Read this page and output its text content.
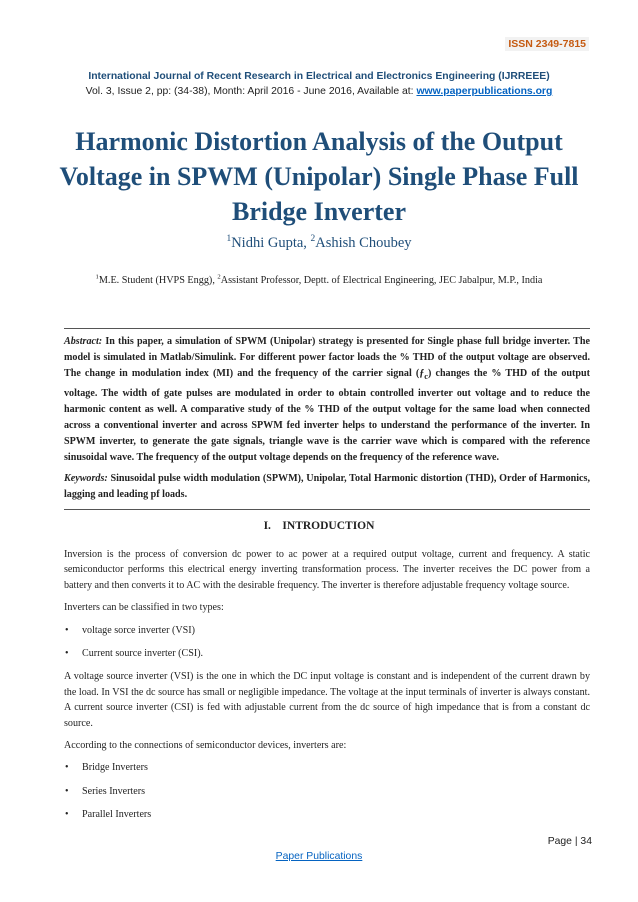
ISSN 2349-7815
International Journal of Recent Research in Electrical and Electronics Engineering (IJRREEE)
Vol. 3, Issue 2, pp: (34-38), Month: April 2016 - June 2016, Available at: www.paperpublications.org
Harmonic Distortion Analysis of the Output Voltage in SPWM (Unipolar) Single Phase Full Bridge Inverter
$^1$Nidhi Gupta, $^2$Ashish Choubey
$^1$M.E. Student (HVPS Engg), $^2$Assistant Professor, Deptt. of Electrical Engineering, JEC Jabalpur, M.P., India

Abstract: In this paper, a simulation of SPWM (Unipolar) strategy is presented for Single phase full bridge inverter. The model is simulated in Matlab/Simulink. For different power factor loads the % THD of the output voltage are observed. The change in modulation index (MI) and the frequency of the carrier signal $(ƒ_c)$ changes the % THD of the output voltage. The width of gate pulses are modulated in order to obtain controlled inverter out voltage and to reduce the harmonic content as well. A comparative study of the % THD of the output voltage for the same load when connected across a conventional inverter and across SPWM fed inverter helps to understand the performance of the inverter. In SPWM inverter, to generate the gate signals, triangle wave is the carrier wave which is compared with the reference sinusoidal wave. The frequency of the output voltage depends on the frequency of the reference wave.

Keywords: Sinusoidal pulse width modulation (SPWM), Unipolar, Total Harmonic distortion (THD), Order of Harmonics, lagging and leading pf loads.

I.    INTRODUCTION

Inversion is the process of conversion dc power to ac power at a required output voltage, current and frequency. A static semiconductor performs this electrical energy inverting transformation process. The inverter receives the DC power from a battery and then converts it to AC with the desirable frequency. The inverter is therefore adjustable frequency voltage source.

Inverters can be classified in two types:

• voltage sorce inverter (VSI)
• Current source inverter (CSI).

A voltage source inverter (VSI) is the one in which the DC input voltage is constant and is independent of the current drawn by the load. In VSI the dc source has small or negligible impedance. The voltage at the input terminals of inverter is always constant. A current source inverter (CSI) is fed with adjustable current from the dc source of high impedance that is from a constant dc source.

According to the connections of semiconductor devices, inverters are:

• Bridge Inverters
• Series Inverters
• Parallel Inverters
Page | 34
Paper Publications
